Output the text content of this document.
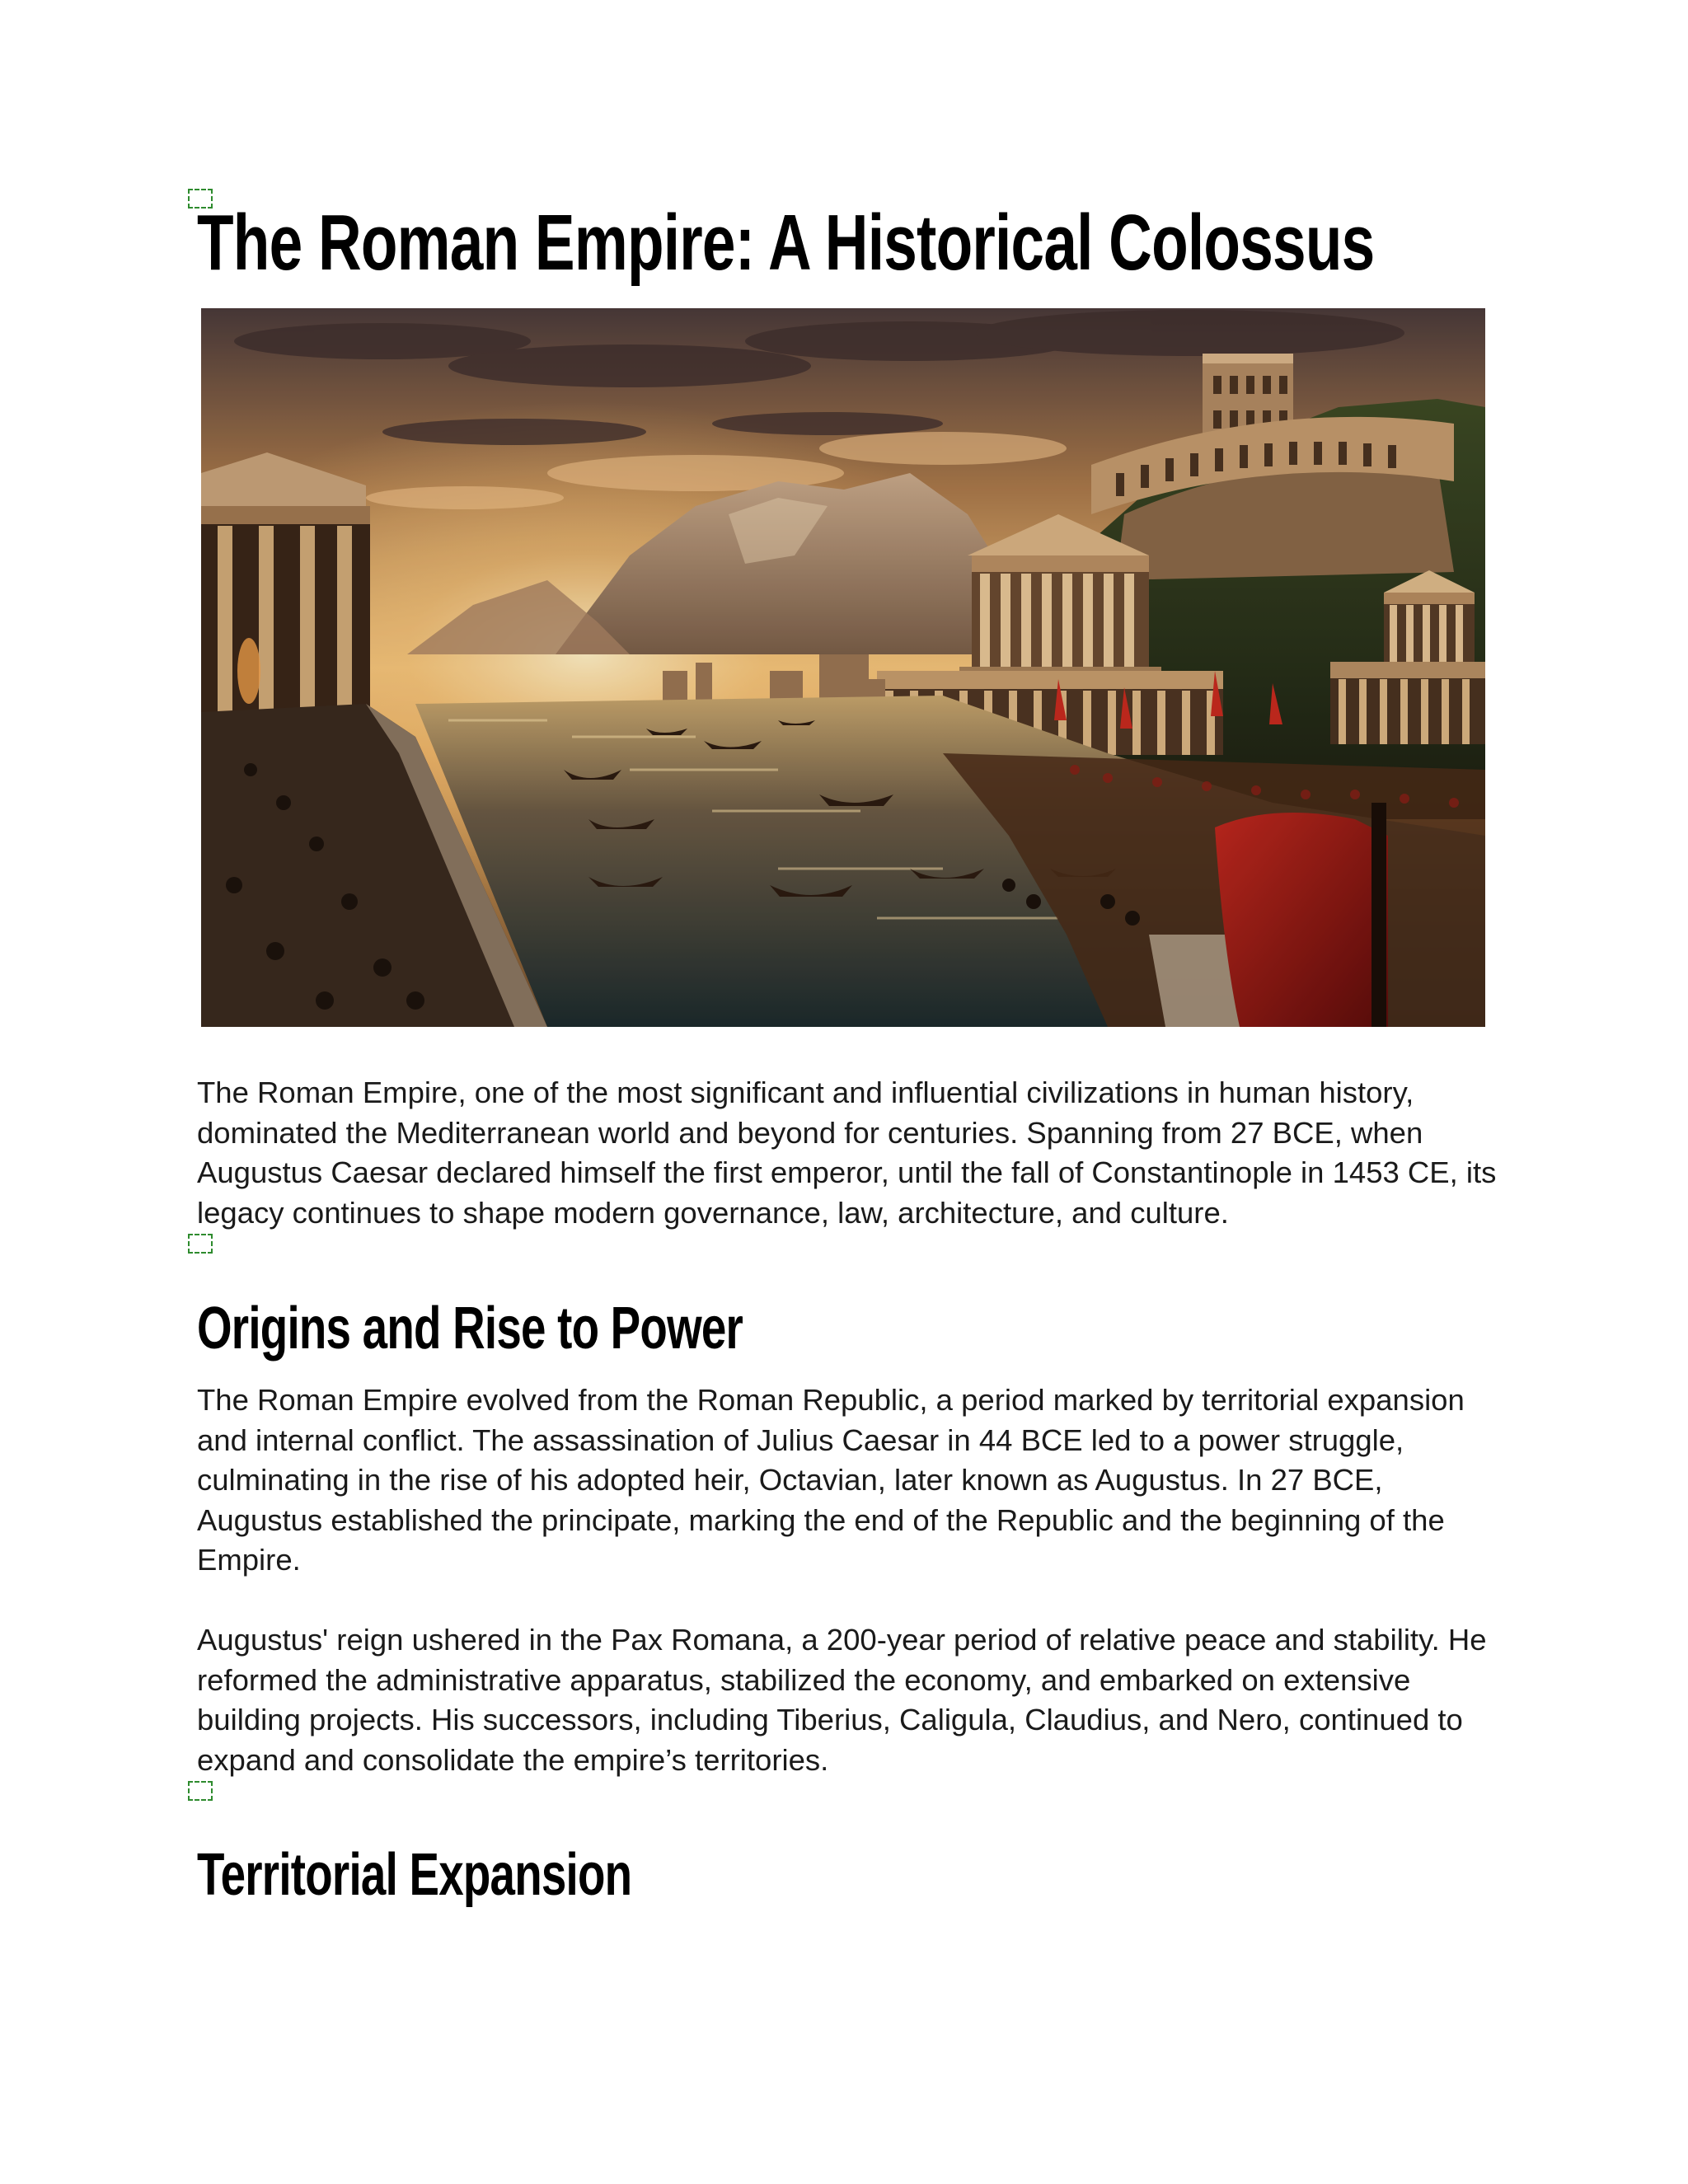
The Roman Empire: A Historical Colossus

The Roman Empire, one of the most significant and influential civilizations in human history, dominated the Mediterranean world and beyond for centuries. Spanning from 27 BCE, when Augustus Caesar declared himself the first emperor, until the fall of Constantinople in 1453 CE, its legacy continues to shape modern governance, law, architecture, and culture.

Origins and Rise to Power

The Roman Empire evolved from the Roman Republic, a period marked by territorial expansion and internal conflict. The assassination of Julius Caesar in 44 BCE led to a power struggle, culminating in the rise of his adopted heir, Octavian, later known as Augustus. In 27 BCE, Augustus established the principate, marking the end of the Republic and the beginning of the Empire.

Augustus' reign ushered in the Pax Romana, a 200-year period of relative peace and stability. He reformed the administrative apparatus, stabilized the economy, and embarked on extensive building projects. His successors, including Tiberius, Caligula, Claudius, and Nero, continued to expand and consolidate the empire’s territories.

Territorial Expansion
